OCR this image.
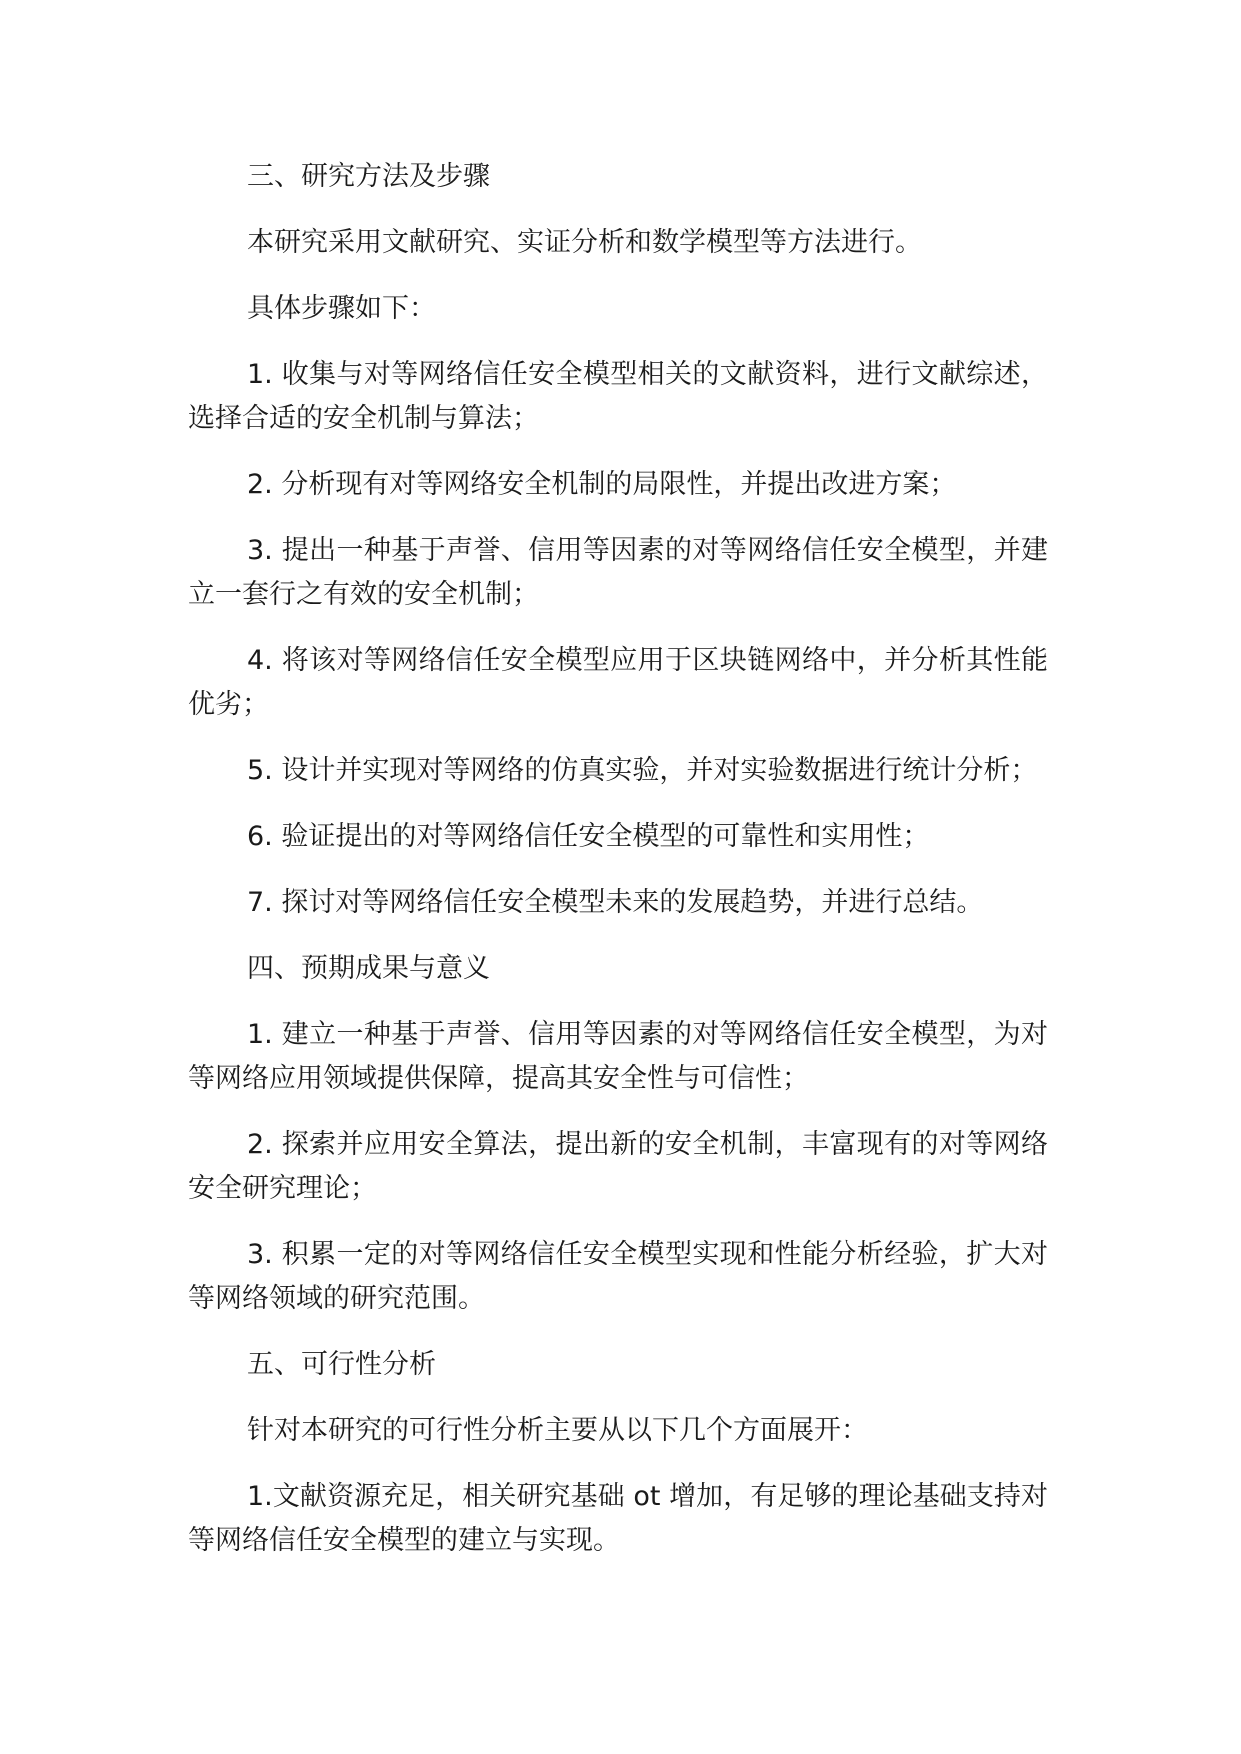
三、研究方法及步骤

本研究采用文献研究、实证分析和数学模型等方法进行。

具体步骤如下：

1. 收集与对等网络信任安全模型相关的文献资料，进行文献综述，选择合适的安全机制与算法；

2. 分析现有对等网络安全机制的局限性，并提出改进方案；

3. 提出一种基于声誉、信用等因素的对等网络信任安全模型，并建立一套行之有效的安全机制；

4. 将该对等网络信任安全模型应用于区块链网络中，并分析其性能优劣；

5. 设计并实现对等网络的仿真实验，并对实验数据进行统计分析；

6. 验证提出的对等网络信任安全模型的可靠性和实用性；

7. 探讨对等网络信任安全模型未来的发展趋势，并进行总结。

四、预期成果与意义

1. 建立一种基于声誉、信用等因素的对等网络信任安全模型，为对等网络应用领域提供保障，提高其安全性与可信性；

2. 探索并应用安全算法，提出新的安全机制，丰富现有的对等网络安全研究理论；

3. 积累一定的对等网络信任安全模型实现和性能分析经验，扩大对等网络领域的研究范围。

五、可行性分析

针对本研究的可行性分析主要从以下几个方面展开：

1.文献资源充足，相关研究基础 ot 增加，有足够的理论基础支持对等网络信任安全模型的建立与实现。
